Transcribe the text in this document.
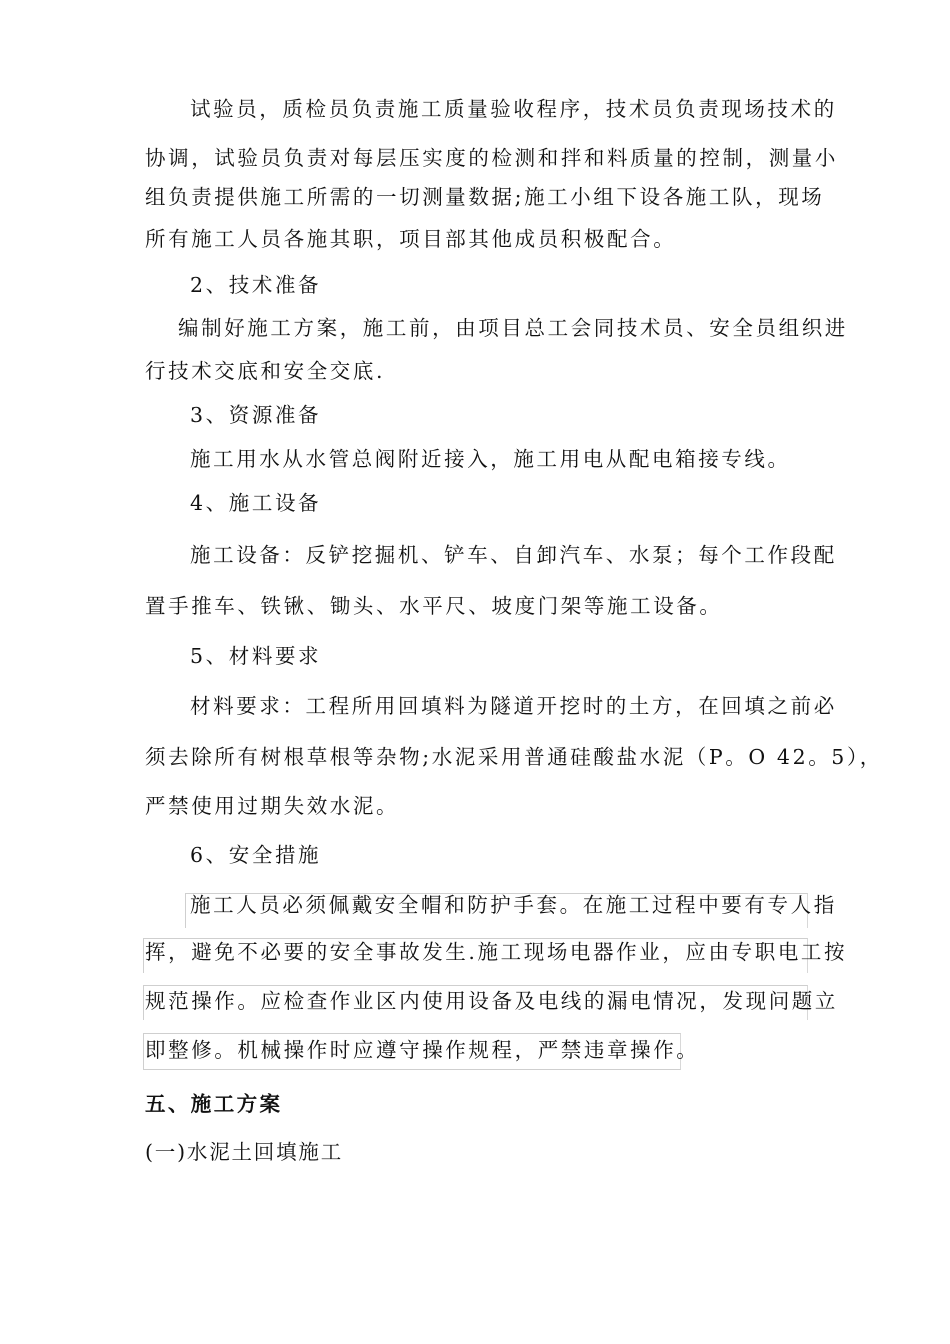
试验员，质检员负责施工质量验收程序，技术员负责现场技术的
协调，试验员负责对每层压实度的检测和拌和料质量的控制，测量小
组负责提供施工所需的一切测量数据;施工小组下设各施工队，现场
所有施工人员各施其职，项目部其他成员积极配合。
2、技术准备
编制好施工方案，施工前，由项目总工会同技术员、安全员组织进
行技术交底和安全交底.
3、资源准备
施工用水从水管总阀附近接入，施工用电从配电箱接专线。
4、施工设备
施工设备：反铲挖掘机、铲车、自卸汽车、水泵；每个工作段配
置手推车、铁锹、锄头、水平尺、坡度门架等施工设备。
5、材料要求
材料要求：工程所用回填料为隧道开挖时的土方，在回填之前必
须去除所有树根草根等杂物;水泥采用普通硅酸盐水泥（P。O 42。5），
严禁使用过期失效水泥。
6、安全措施
施工人员必须佩戴安全帽和防护手套。在施工过程中要有专人指
挥，避免不必要的安全事故发生.施工现场电器作业，应由专职电工按
规范操作。应检查作业区内使用设备及电线的漏电情况，发现问题立
即整修。机械操作时应遵守操作规程，严禁违章操作。
五、施工方案
(一)水泥土回填施工
